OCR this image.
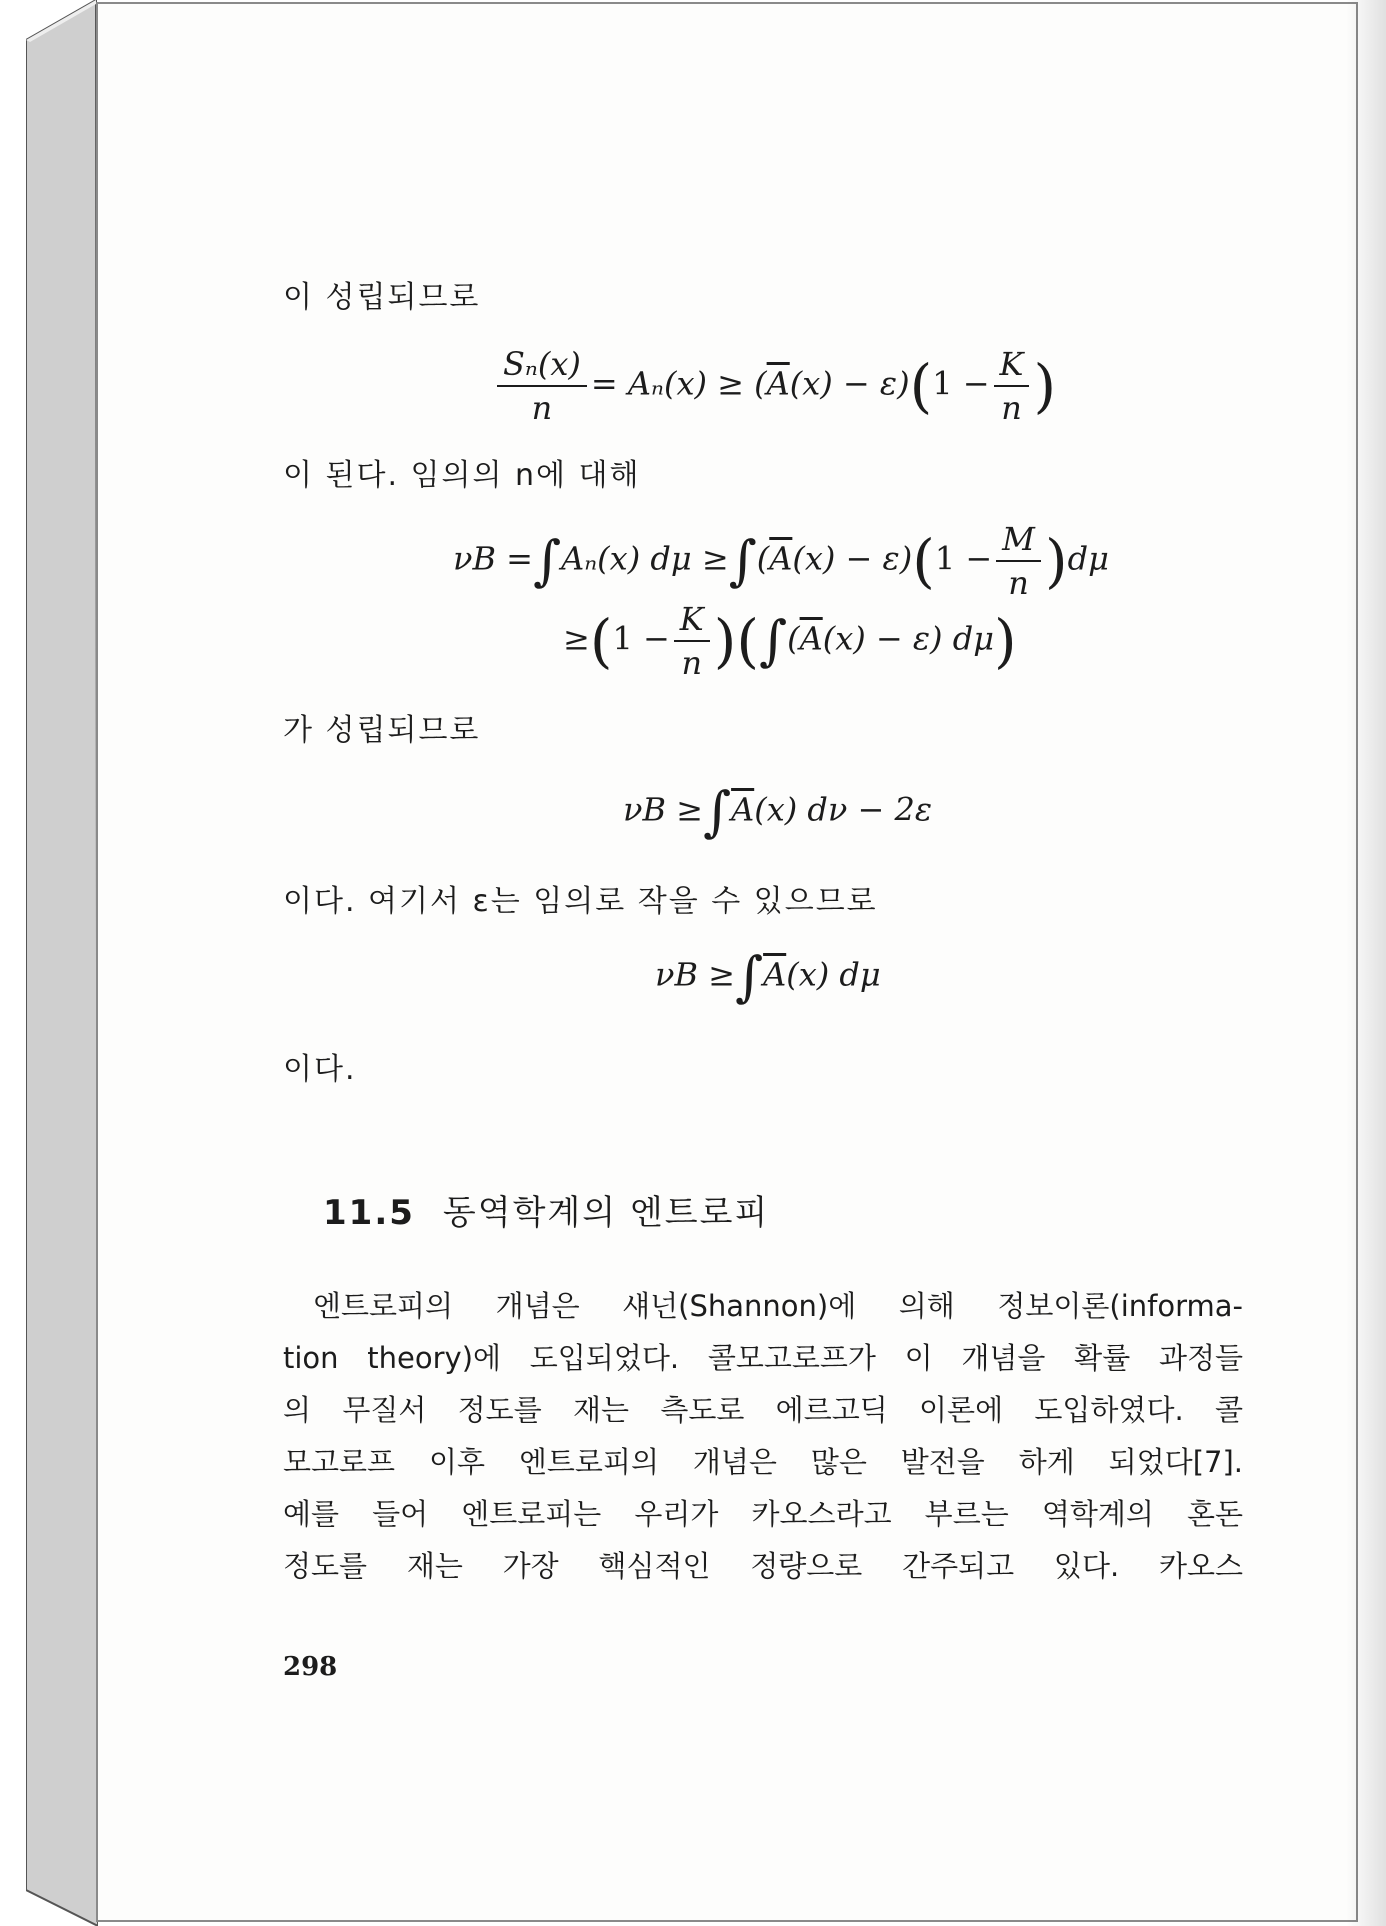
이 성립되므로
$\frac{\text{Sₙ(x)}}{n} = A_n(x) \ge (\overline{A}(x) - \varepsilon)(1 - \frac{K}{n}$ )
이 된다. 임의의 n에 대해
νB =∫Aₙ(x) $d\mu \ge\int(\overline{A}(x) - \varepsilon)(1 - \frac{M}{n} )d\mu$
$\ge(1 - \frac{K}{n} )(\int(\overline{A}(x) - \varepsilon)$ dμ)
가 성립되므로
$\nu B \ge\int\overline{A}(x) d\nu - 2\varepsilon$
이다. 여기서 ε는 임의로 작을 수 있으므로
$\nu B \ge\int\overline{A}(x)$ dμ
이다.
11.5 동역학계의 엔트로피
엔트로피의 개념은 섀넌(Shannon)에 의해 정보이론(informa-
tion theory)에 도입되었다. 콜모고로프가 이 개념을 확률 과정들
의 무질서 정도를 재는 측도로 에르고딕 이론에 도입하였다. 콜
모고로프 이후 엔트로피의 개념은 많은 발전을 하게 되었다[7].
예를 들어 엔트로피는 우리가 카오스라고 부르는 역학계의 혼돈
정도를 재는 가장 핵심적인 정량으로 간주되고 있다. 카오스
298
